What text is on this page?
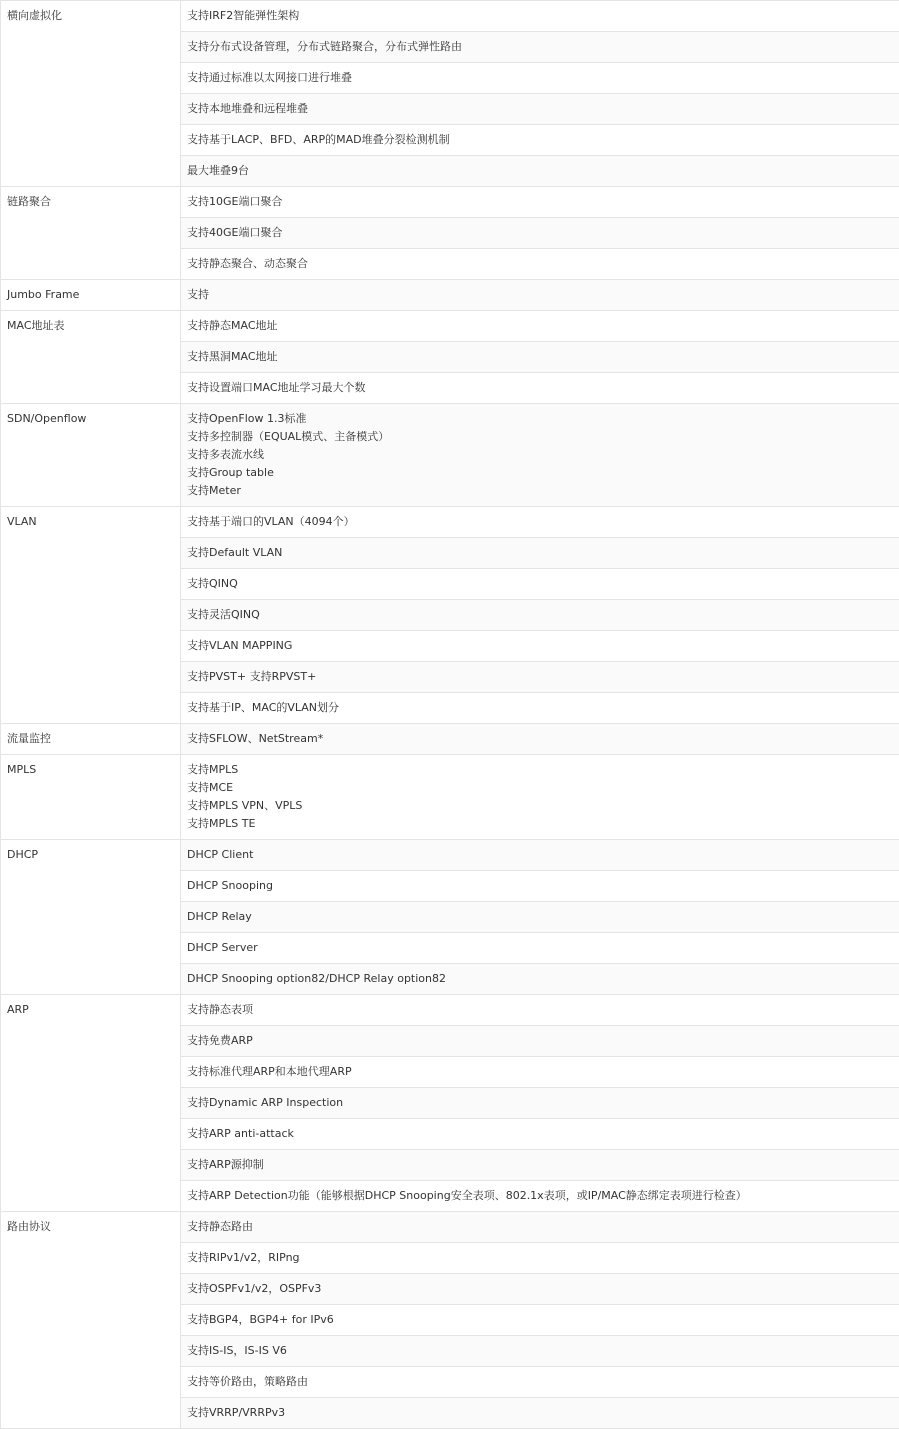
横向虚拟化	支持IRF2智能弹性架构

	支持分布式设备管理，分布式链路聚合，分布式弹性路由

	支持通过标准以太网接口进行堆叠

	支持本地堆叠和远程堆叠

	支持基于LACP、BFD、ARP的MAD堆叠分裂检测机制

	最大堆叠9台

链路聚合	支持10GE端口聚合

	支持40GE端口聚合

	支持静态聚合、动态聚合

Jumbo Frame	支持

MAC地址表	支持静态MAC地址

	支持黑洞MAC地址

	支持设置端口MAC地址学习最大个数

SDN/Openflow	支持OpenFlow 1.3标准
支持多控制器（EQUAL模式、主备模式）
支持多表流水线
支持Group table
支持Meter

VLAN	支持基于端口的VLAN（4094个）

	支持Default VLAN

	支持QINQ

	支持灵活QINQ

	支持VLAN MAPPING

	支持PVST+ 支持RPVST+

	支持基于IP、MAC的VLAN划分

流量监控	支持SFLOW、NetStream*

MPLS	支持MPLS
支持MCE
支持MPLS VPN、VPLS
支持MPLS TE

DHCP	DHCP Client

	DHCP Snooping

	DHCP Relay

	DHCP Server

	DHCP Snooping option82/DHCP Relay option82

ARP	支持静态表项

	支持免费ARP

	支持标准代理ARP和本地代理ARP

	支持Dynamic ARP Inspection

	支持ARP anti-attack

	支持ARP源抑制

	支持ARP Detection功能（能够根据DHCP Snooping安全表项、802.1x表项，或IP/MAC静态绑定表项进行检查）

路由协议	支持静态路由

	支持RIPv1/v2，RIPng

	支持OSPFv1/v2，OSPFv3

	支持BGP4，BGP4+ for IPv6

	支持IS-IS，IS-IS V6

	支持等价路由，策略路由

	支持VRRP/VRRPv3
